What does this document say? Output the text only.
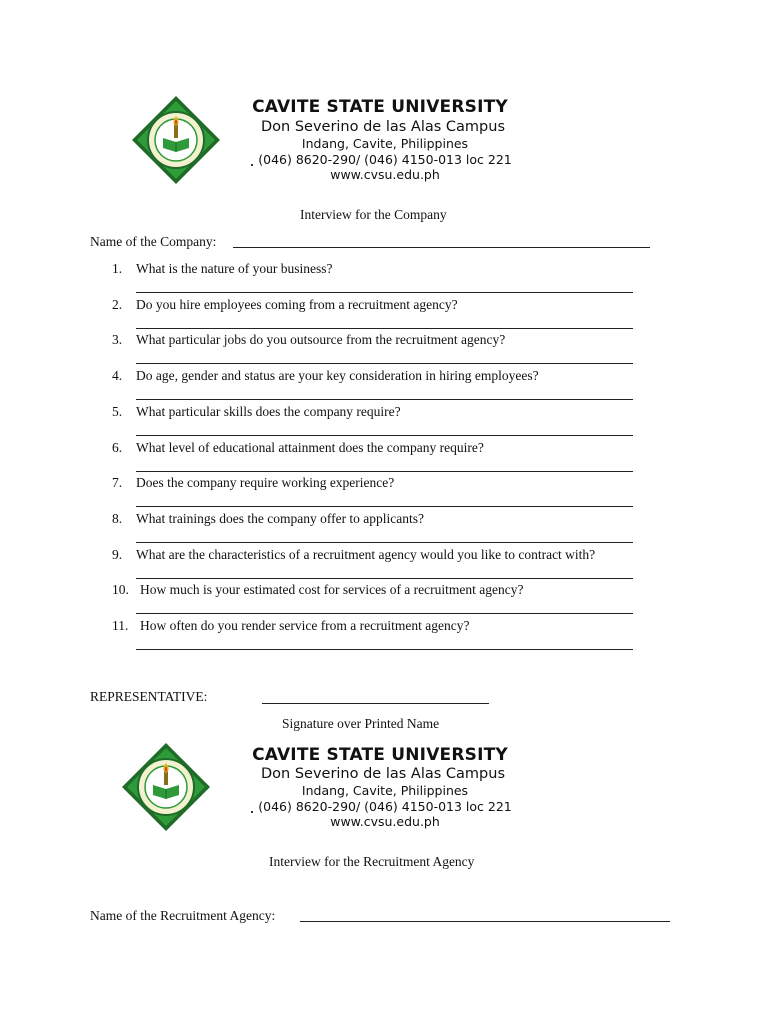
CAVITE STATE UNIVERSITY
Don Severino de las Alas Campus
Indang, Cavite, Philippines
(046) 8620-290/ (046) 4150-013 loc 221
www.cvsu.edu.ph
Interview for the Company
Name of the Company:
1. What is the nature of your business?
2. Do you hire employees coming from a recruitment agency?
3. What particular jobs do you outsource from the recruitment agency?
4. Do age, gender and status are your key consideration in hiring employees?
5. What particular skills does the company require?
6. What level of educational attainment does the company require?
7. Does the company require working experience?
8. What trainings does the company offer to applicants?
9. What are the characteristics of a recruitment agency would you like to contract with?
10. How much is your estimated cost for services of a recruitment agency?
11. How often do you render service from a recruitment agency?
REPRESENTATIVE:
Signature over Printed Name
CAVITE STATE UNIVERSITY
Don Severino de las Alas Campus
Indang, Cavite, Philippines
(046) 8620-290/ (046) 4150-013 loc 221
www.cvsu.edu.ph
Interview for the Recruitment Agency
Name of the Recruitment Agency:
